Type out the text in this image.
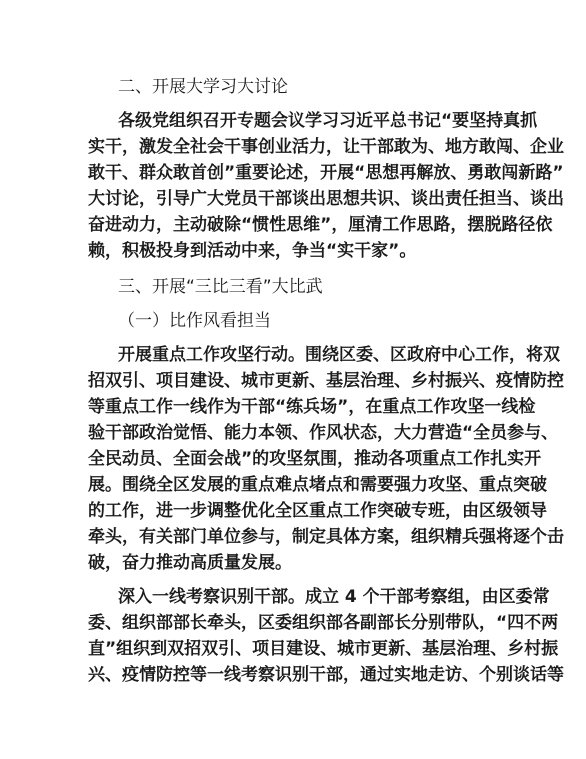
二、开展大学习大讨论
各级党组织召开专题会议学习习近平总书记“要坚持真抓
实干，激发全社会干事创业活力，让干部敢为、地方敢闯、企业
敢干、群众敢首创”重要论述，开展“思想再解放、勇敢闯新路”
大讨论，引导广大党员干部谈出思想共识、谈出责任担当、谈出
奋进动力，主动破除“惯性思维”，厘清工作思路，摆脱路径依
赖，积极投身到活动中来，争当“实干家”。
三、开展“三比三看”大比武
（一）比作风看担当
开展重点工作攻坚行动。围绕区委、区政府中心工作，将双
招双引、项目建设、城市更新、基层治理、乡村振兴、疫情防控
等重点工作一线作为干部“练兵场”，在重点工作攻坚一线检
验干部政治觉悟、能力本领、作风状态，大力营造“全员参与、
全民动员、全面会战”的攻坚氛围，推动各项重点工作扎实开
展。围绕全区发展的重点难点堵点和需要强力攻坚、重点突破
的工作，进一步调整优化全区重点工作突破专班，由区级领导
牵头，有关部门单位参与，制定具体方案，组织精兵强将逐个击
破，奋力推动高质量发展。
深入一线考察识别干部。成立 4 个干部考察组，由区委常
委、组织部部长牵头，区委组织部各副部长分别带队，“四不两
直”组织到双招双引、项目建设、城市更新、基层治理、乡村振
兴、疫情防控等一线考察识别干部，通过实地走访、个别谈话等
